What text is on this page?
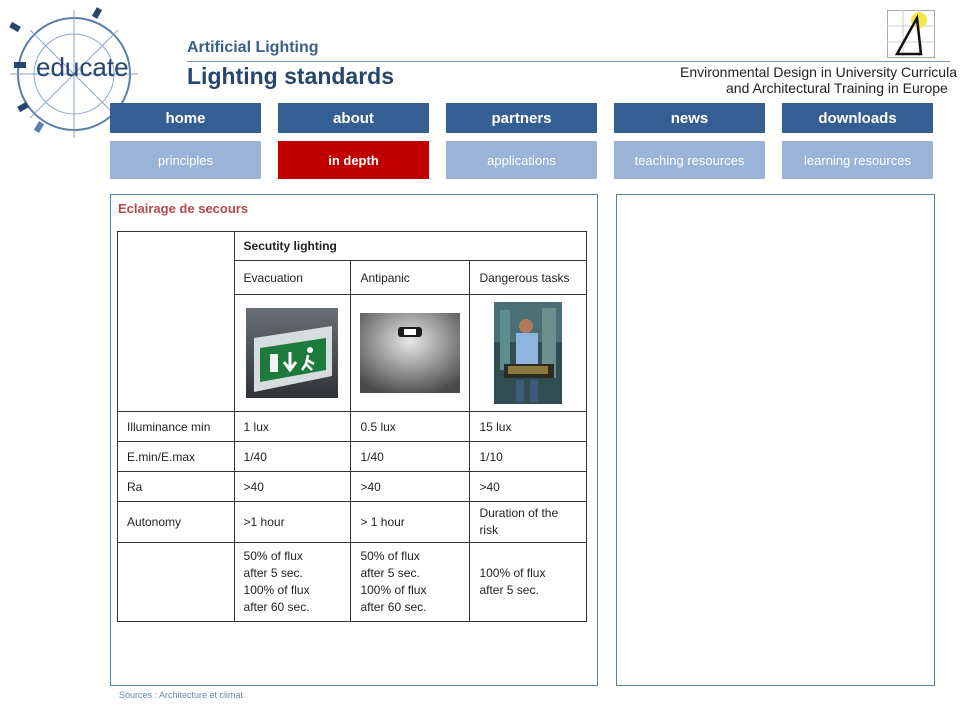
educate
Artificial Lighting
Lighting standards	Environmental Design in University Curricula
and Architectural Training in Europe
home	about	partners	news	downloads
principles	in depth	applications	teaching resources	learning resources
Eclairage de secours
	Secutity lighting		
	Evacuation	Antipanic	Dangerous tasks

Illuminance min	1 lux	0.5 lux	15 lux
E.min/E.max	1/40	1/40	1/10
Ra	>40	>40	>40
Autonomy	>1 hour	> 1 hour	Duration of the risk
	50% of flux
after 5 sec.
100% of flux
after 60 sec.	50% of flux
after 5 sec.
100% of flux
after 60 sec.	100% of flux
after 5 sec.
Sources : Architecture et climat
